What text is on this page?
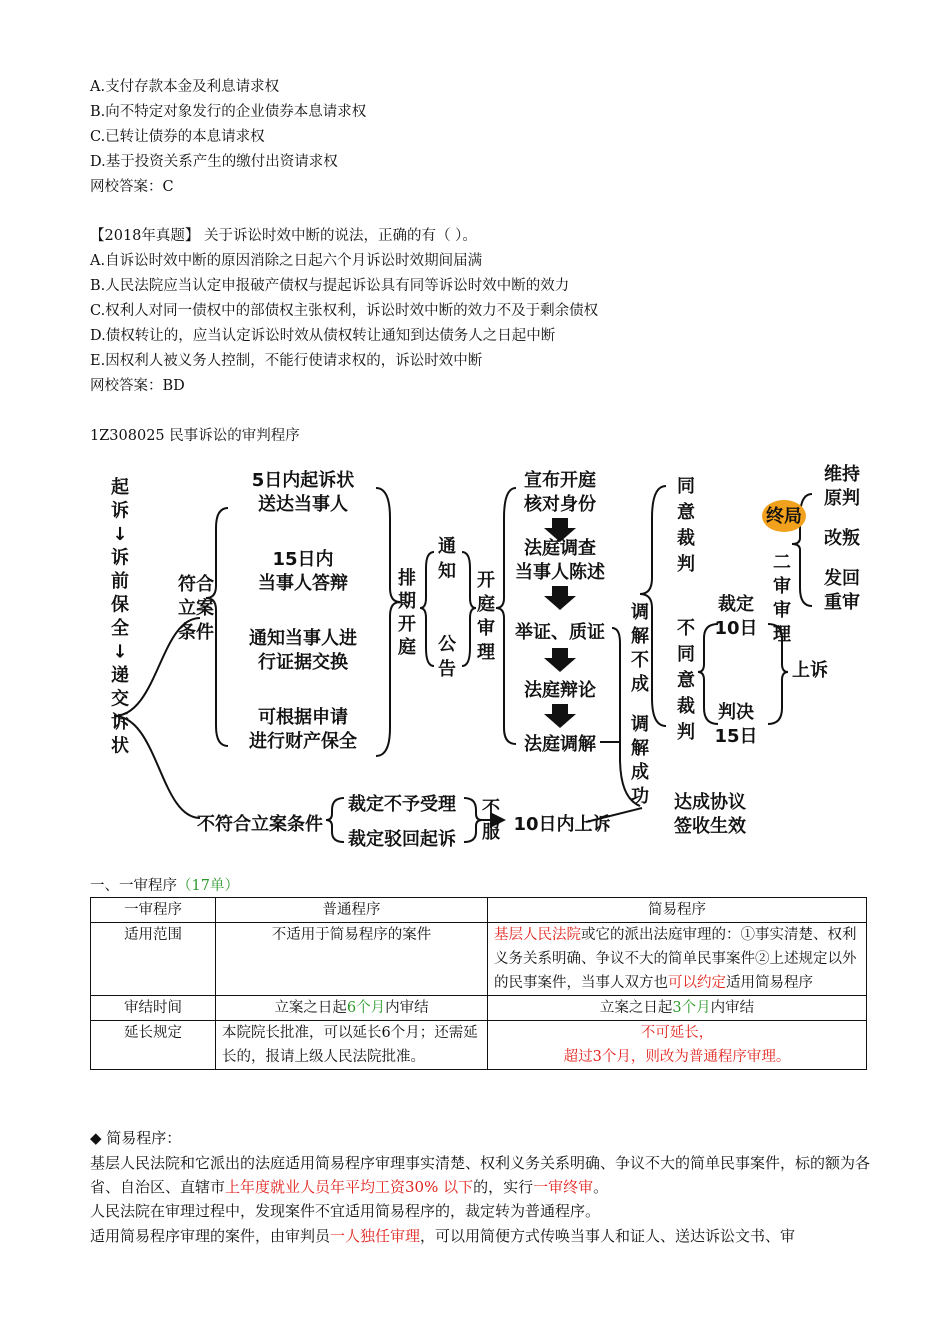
A.支付存款本金及利息请求权
B.向不特定对象发行的企业债券本息请求权
C.已转让债券的本息请求权
D.基于投资关系产生的缴付出资请求权
网校答案：C
【2018年真题】 关于诉讼时效中断的说法，正确的有（ ）。
A.自诉讼时效中断的原因消除之日起六个月诉讼时效期间届满
B.人民法院应当认定申报破产债权与提起诉讼具有同等诉讼时效中断的效力
C.权利人对同一债权中的部债权主张权利，诉讼时效中断的效力不及于剩余债权
D.债权转让的，应当认定诉讼时效从债权转让通知到达债务人之日起中断
E.因权利人被义务人控制，不能行使请求权的，诉讼时效中断
网校答案：BD
1Z308025 民事诉讼的审判程序
起
诉
↓
诉
前
保
全
↓
递
交
诉
状
符合
立案
条件
5日内起诉状
送达当事人
15日内
当事人答辩
通知当事人进
行证据交换
可根据申请
进行财产保全
排
期
开
庭
通
知
公
告
开
庭
审
理
宣布开庭
核对身份
法庭调查
当事人陈述
举证、质证
法庭辩论
法庭调解
调
解
不
成
调
解
成
功
同
意
裁
判
不
同
意
裁
判
裁定
10日
判决
15日
二
审
审
理
上诉
终局
维持
原判
改叛
发回
重审
达成协议
签收生效
不符合立案条件
裁定不予受理
裁定驳回起诉
不
服 10日内上诉
一、一审程序（17单）
一审程序	普通程序	简易程序
适用范围	不适用于简易程序的案件	基层人民法院或它的派出法庭审理的：①事实清楚、权利义务关系明确、争议不大的简单民事案件②上述规定以外的民事案件，当事人双方也可以约定适用简易程序
审结时间	立案之日起6个月内审结	立案之日起3个月内审结
延长规定	本院院长批准，可以延长6个月；还需延长的，报请上级人民法院批准。	不可延长，
超过3个月，则改为普通程序审理。
◆ 简易程序：
基层人民法院和它派出的法庭适用简易程序审理事实清楚、权利义务关系明确、争议不大的简单民事案件，标的额为各省、自治区、直辖市上年度就业人员年平均工资30% 以下的，实行一审终审。
人民法院在审理过程中，发现案件不宜适用简易程序的，裁定转为普通程序。
适用简易程序审理的案件，由审判员一人独任审理，可以用简便方式传唤当事人和证人、送达诉讼文书、审
